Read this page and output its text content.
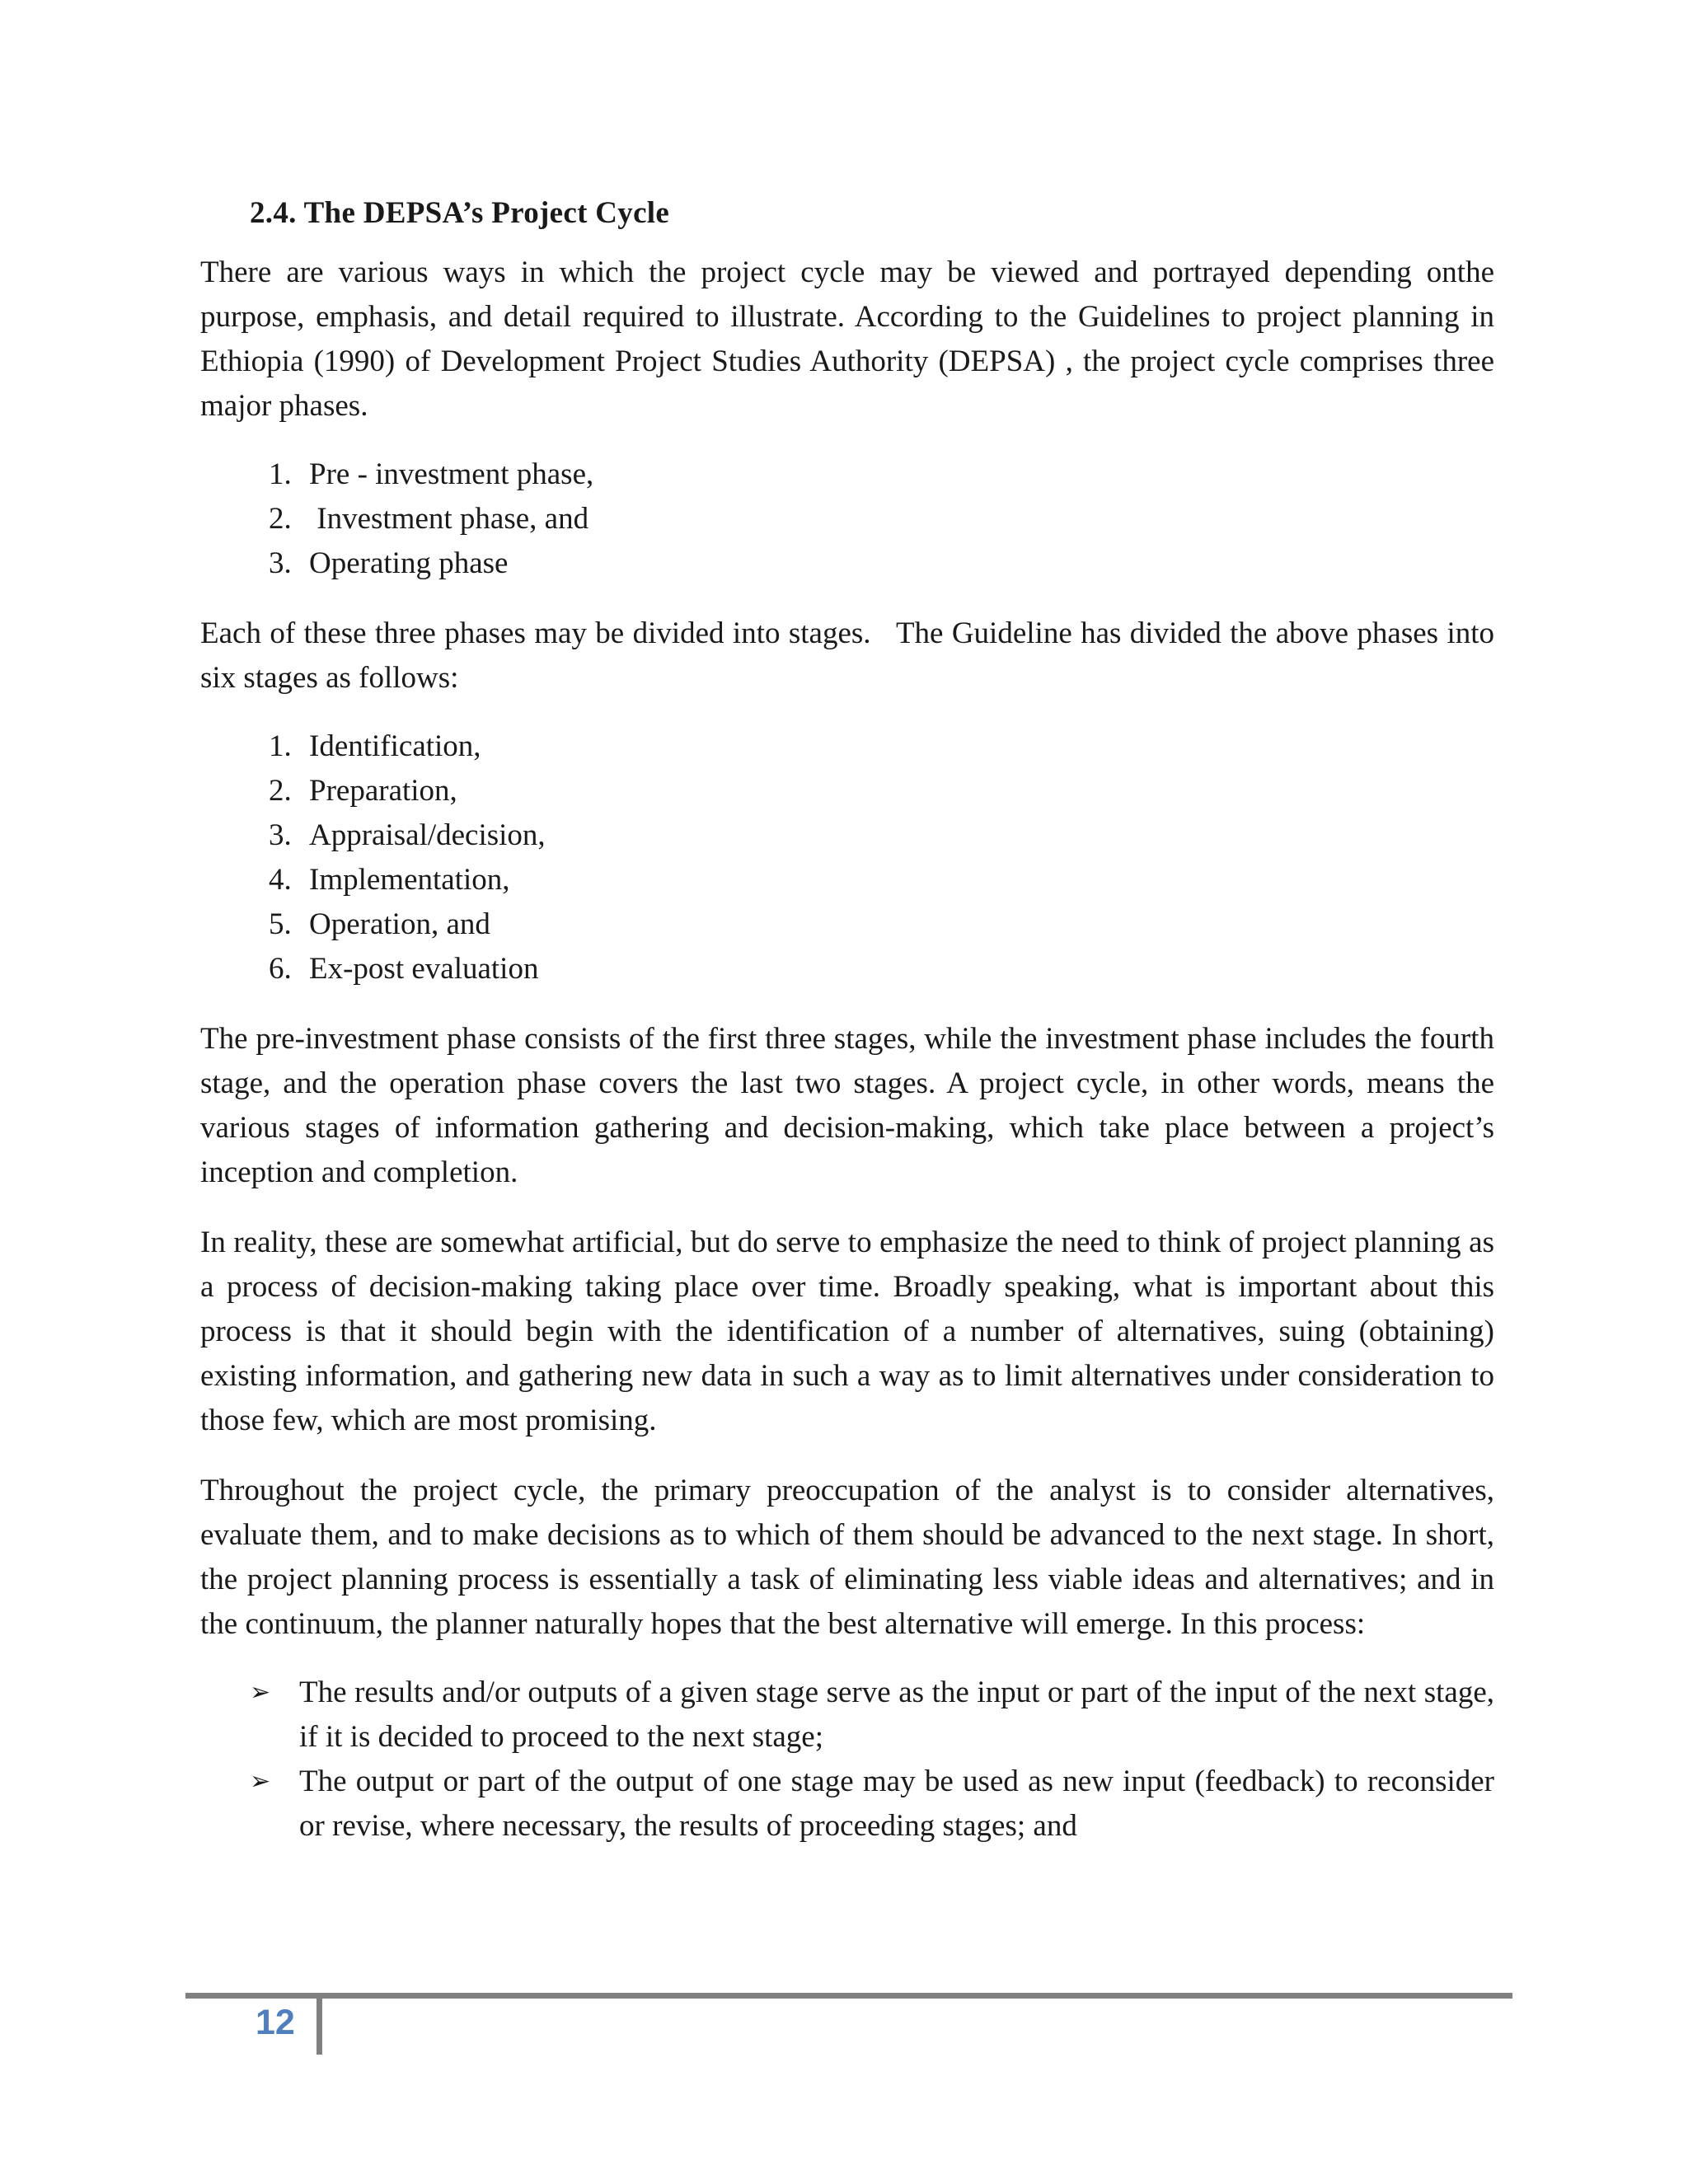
2.4. The DEPSA’s Project Cycle

There are various ways in which the project cycle may be viewed and portrayed depending onthe purpose, emphasis, and detail required to illustrate. According to the Guidelines to project planning in Ethiopia (1990) of Development Project Studies Authority (DEPSA) , the project cycle comprises three major phases.

1. Pre - investment phase,
2.  Investment phase, and
3. Operating phase

Each of these three phases may be divided into stages.   The Guideline has divided the above phases into six stages as follows:

1. Identification,
2. Preparation,
3. Appraisal/decision,
4. Implementation,
5. Operation, and
6. Ex-post evaluation

The pre-investment phase consists of the first three stages, while the investment phase includes the fourth stage, and the operation phase covers the last two stages. A project cycle, in other words, means the various stages of information gathering and decision-making, which take place between a project’s inception and completion.

In reality, these are somewhat artificial, but do serve to emphasize the need to think of project planning as a process of decision-making taking place over time. Broadly speaking, what is important about this process is that it should begin with the identification of a number of alternatives, suing (obtaining) existing information, and gathering new data in such a way as to limit alternatives under consideration to those few, which are most promising.

Throughout the project cycle, the primary preoccupation of the analyst is to consider alternatives, evaluate them, and to make decisions as to which of them should be advanced to the next stage. In short, the project planning process is essentially a task of eliminating less viable ideas and alternatives; and in the continuum, the planner naturally hopes that the best alternative will emerge. In this process:

➢ The results and/or outputs of a given stage serve as the input or part of the input of the next stage, if it is decided to proceed to the next stage;
➢ The output or part of the output of one stage may be used as new input (feedback) to reconsider or revise, where necessary, the results of proceeding stages; and
12
